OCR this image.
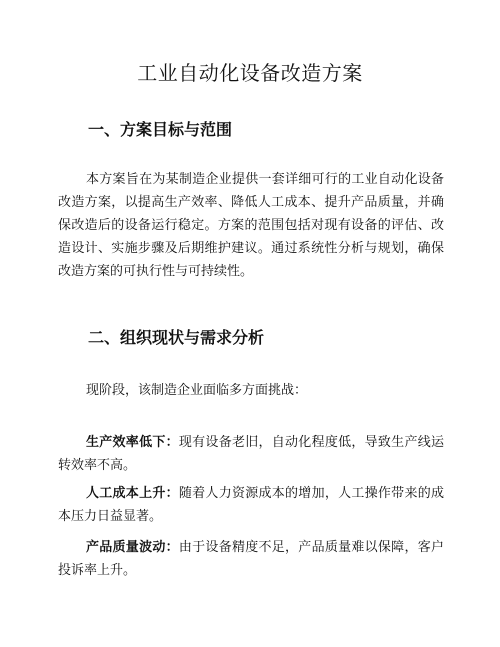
工业自动化设备改造方案
一、方案目标与范围

本方案旨在为某制造企业提供一套详细可行的工业自动化设备改造方案，以提高生产效率、降低人工成本、提升产品质量，并确保改造后的设备运行稳定。方案的范围包括对现有设备的评估、改造设计、实施步骤及后期维护建议。通过系统性分析与规划，确保改造方案的可执行性与可持续性。

二、组织现状与需求分析

现阶段，该制造企业面临多方面挑战：

生产效率低下：现有设备老旧，自动化程度低，导致生产线运转效率不高。

人工成本上升：随着人力资源成本的增加，人工操作带来的成本压力日益显著。

产品质量波动：由于设备精度不足，产品质量难以保障，客户投诉率上升。
